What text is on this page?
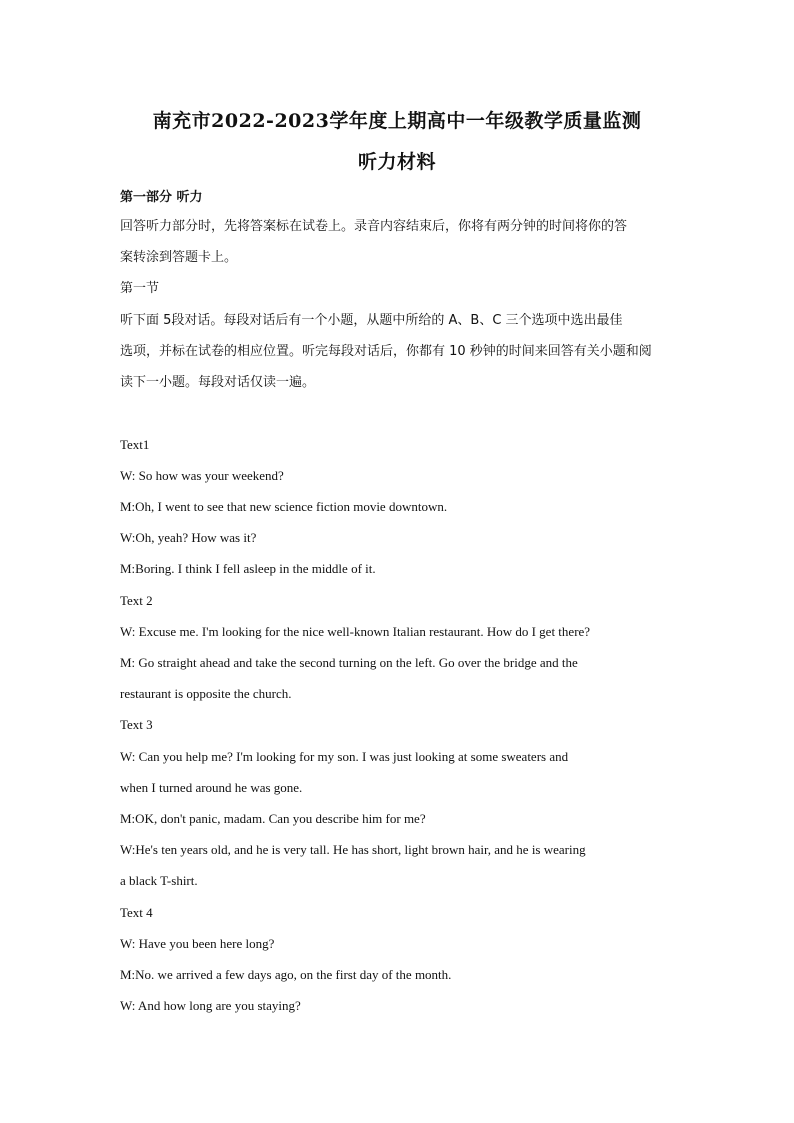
南充市2022-2023学年度上期高中一年级教学质量监测
听力材料
第一部分 听力
回答听力部分时，先将答案标在试卷上。录音内容结束后，你将有两分钟的时间将你的答
案转涂到答题卡上。
第一节
听下面 5段对话。每段对话后有一个小题，从题中所给的 A、B、C 三个选项中选出最佳
选项，并标在试卷的相应位置。听完每段对话后，你都有 10 秒钟的时间来回答有关小题和阅
读下一小题。每段对话仅读一遍。
Text1
W: So how was your weekend?
M:Oh, I went to see that new science fiction movie downtown.
W:Oh, yeah? How was it?
M:Boring. I think I fell asleep in the middle of it.
Text 2
W: Excuse me. I'm looking for the nice well-known Italian restaurant. How do I get there?
M: Go straight ahead and take the second turning on the left. Go over the bridge and the
restaurant is opposite the church.
Text 3
W: Can you help me? I'm looking for my son. I was just looking at some sweaters and
when I turned around he was gone.
M:OK, don't panic, madam. Can you describe him for me?
W:He's ten years old, and he is very tall. He has short, light brown hair, and he is wearing
a black T-shirt.
Text 4
W: Have you been here long?
M:No. we arrived a few days ago, on the first day of the month.
W: And how long are you staying?
